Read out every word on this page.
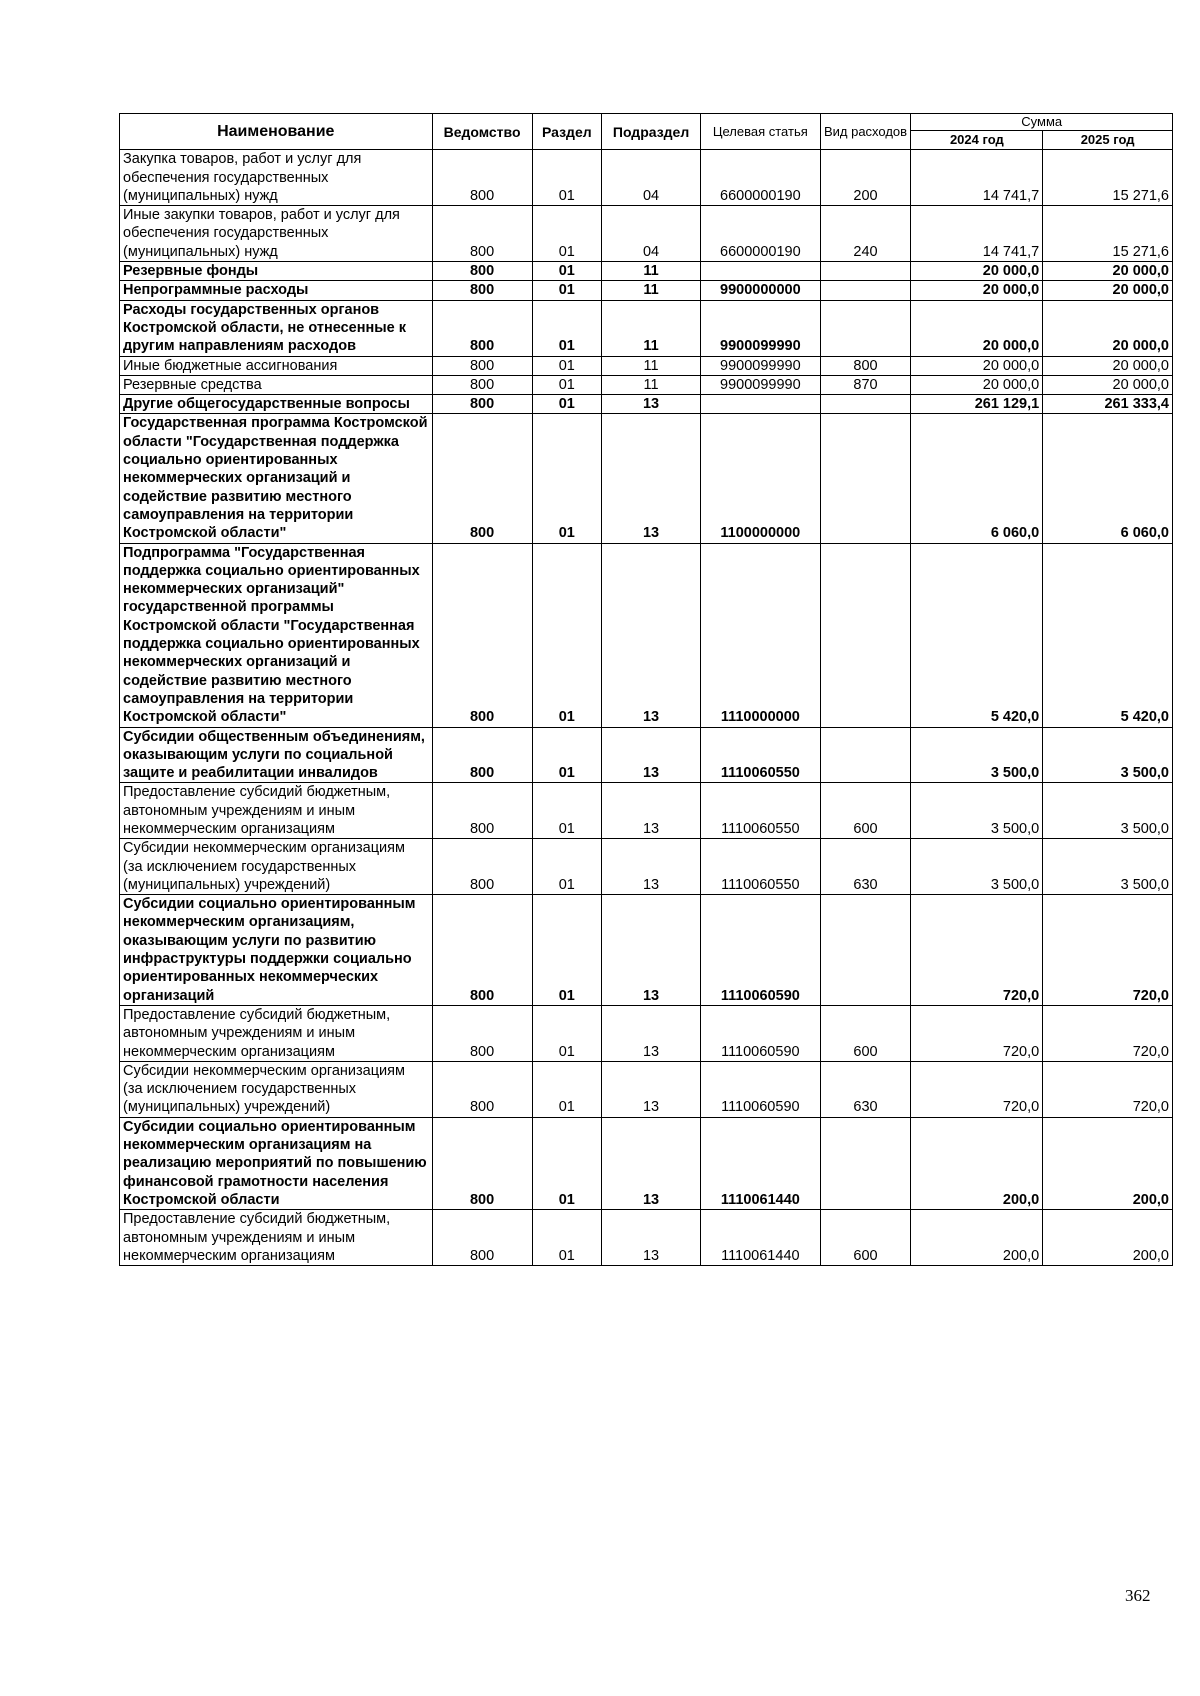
Наименование	Ведомство	Раздел	Подраздел	Целевая статья	Вид расходов	Сумма	
						2024 год	2025 год
Закупка товаров, работ и услуг для обеспечения государственных (муниципальных) нужд	800	01	04	6600000190	200	14 741,7	15 271,6
Иные закупки товаров, работ и услуг для обеспечения государственных (муниципальных) нужд	800	01	04	6600000190	240	14 741,7	15 271,6
Резервные фонды	800	01	11			20 000,0	20 000,0
Непрограммные расходы	800	01	11	9900000000		20 000,0	20 000,0
Расходы государственных органов Костромской области, не отнесенные к другим направлениям расходов	800	01	11	9900099990		20 000,0	20 000,0
Иные бюджетные ассигнования	800	01	11	9900099990	800	20 000,0	20 000,0
Резервные средства	800	01	11	9900099990	870	20 000,0	20 000,0
Другие общегосударственные вопросы	800	01	13			261 129,1	261 333,4
Государственная программа Костромской области "Государственная поддержка социально ориентированных некоммерческих организаций и содействие развитию местного самоуправления на территории Костромской области"	800	01	13	1100000000		6 060,0	6 060,0
Подпрограмма "Государственная поддержка социально ориентированных некоммерческих организаций" государственной программы Костромской области "Государственная поддержка социально ориентированных некоммерческих организаций и содействие развитию местного самоуправления на территории Костромской области"	800	01	13	1110000000		5 420,0	5 420,0
Субсидии общественным объединениям, оказывающим услуги по социальной защите и реабилитации инвалидов	800	01	13	1110060550		3 500,0	3 500,0
Предоставление субсидий бюджетным, автономным учреждениям и иным некоммерческим организациям	800	01	13	1110060550	600	3 500,0	3 500,0
Субсидии некоммерческим организациям (за исключением государственных (муниципальных) учреждений)	800	01	13	1110060550	630	3 500,0	3 500,0
Субсидии социально ориентированным некоммерческим организациям, оказывающим услуги по развитию инфраструктуры поддержки социально ориентированных некоммерческих организаций	800	01	13	1110060590		720,0	720,0
Предоставление субсидий бюджетным, автономным учреждениям и иным некоммерческим организациям	800	01	13	1110060590	600	720,0	720,0
Субсидии некоммерческим организациям (за исключением государственных (муниципальных) учреждений)	800	01	13	1110060590	630	720,0	720,0
Субсидии социально ориентированным некоммерческим организациям на реализацию мероприятий по повышению финансовой грамотности населения Костромской области	800	01	13	1110061440		200,0	200,0
Предоставление субсидий бюджетным, автономным учреждениям и иным некоммерческим организациям	800	01	13	1110061440	600	200,0	200,0
362
